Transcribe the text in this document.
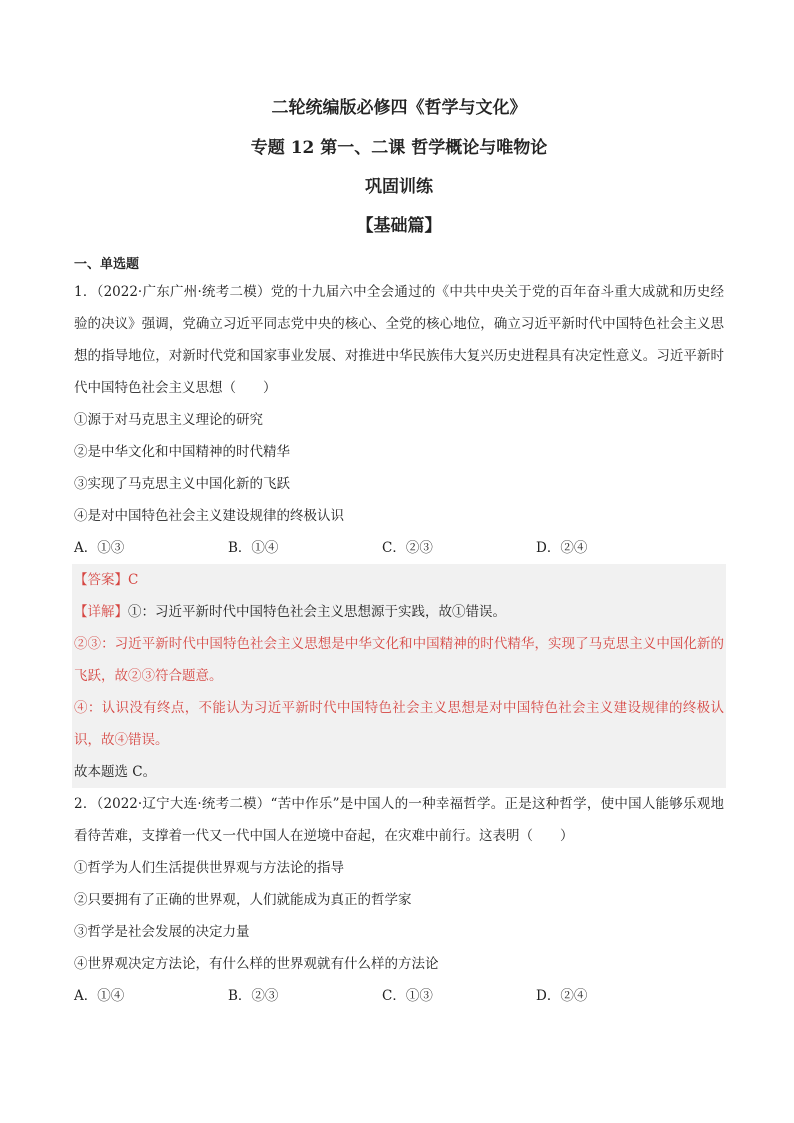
二轮统编版必修四《哲学与文化》

专题 12 第一、二课 哲学概论与唯物论

巩固训练

【基础篇】

一、单选题

1．（2022·广东广州·统考二模）党的十九届六中全会通过的《中共中央关于党的百年奋斗重大成就和历史经验的决议》强调，党确立习近平同志党中央的核心、全党的核心地位，确立习近平新时代中国特色社会主义思想的指导地位，对新时代党和国家事业发展、对推进中华民族伟大复兴历史进程具有决定性意义。习近平新时代中国特色社会主义思想（　　）

①源于对马克思主义理论的研究
②是中华文化和中国精神的时代精华
③实现了马克思主义中国化新的飞跃
④是对中国特色社会主义建设规律的终极认识
A．①③	B．①④	C．②③	D．②④

【答案】C

【详解】①：习近平新时代中国特色社会主义思想源于实践，故①错误。

②③：习近平新时代中国特色社会主义思想是中华文化和中国精神的时代精华，实现了马克思主义中国化新的飞跃，故②③符合题意。

④：认识没有终点，不能认为习近平新时代中国特色社会主义思想是对中国特色社会主义建设规律的终极认识，故④错误。

故本题选 C。

2．（2022·辽宁大连·统考二模）“苦中作乐”是中国人的一种幸福哲学。正是这种哲学，使中国人能够乐观地看待苦难，支撑着一代又一代中国人在逆境中奋起，在灾难中前行。这表明（　　）

①哲学为人们生活提供世界观与方法论的指导
②只要拥有了正确的世界观，人们就能成为真正的哲学家
③哲学是社会发展的决定力量
④世界观决定方法论，有什么样的世界观就有什么样的方法论
A．①④	B．②③	C．①③	D．②④
